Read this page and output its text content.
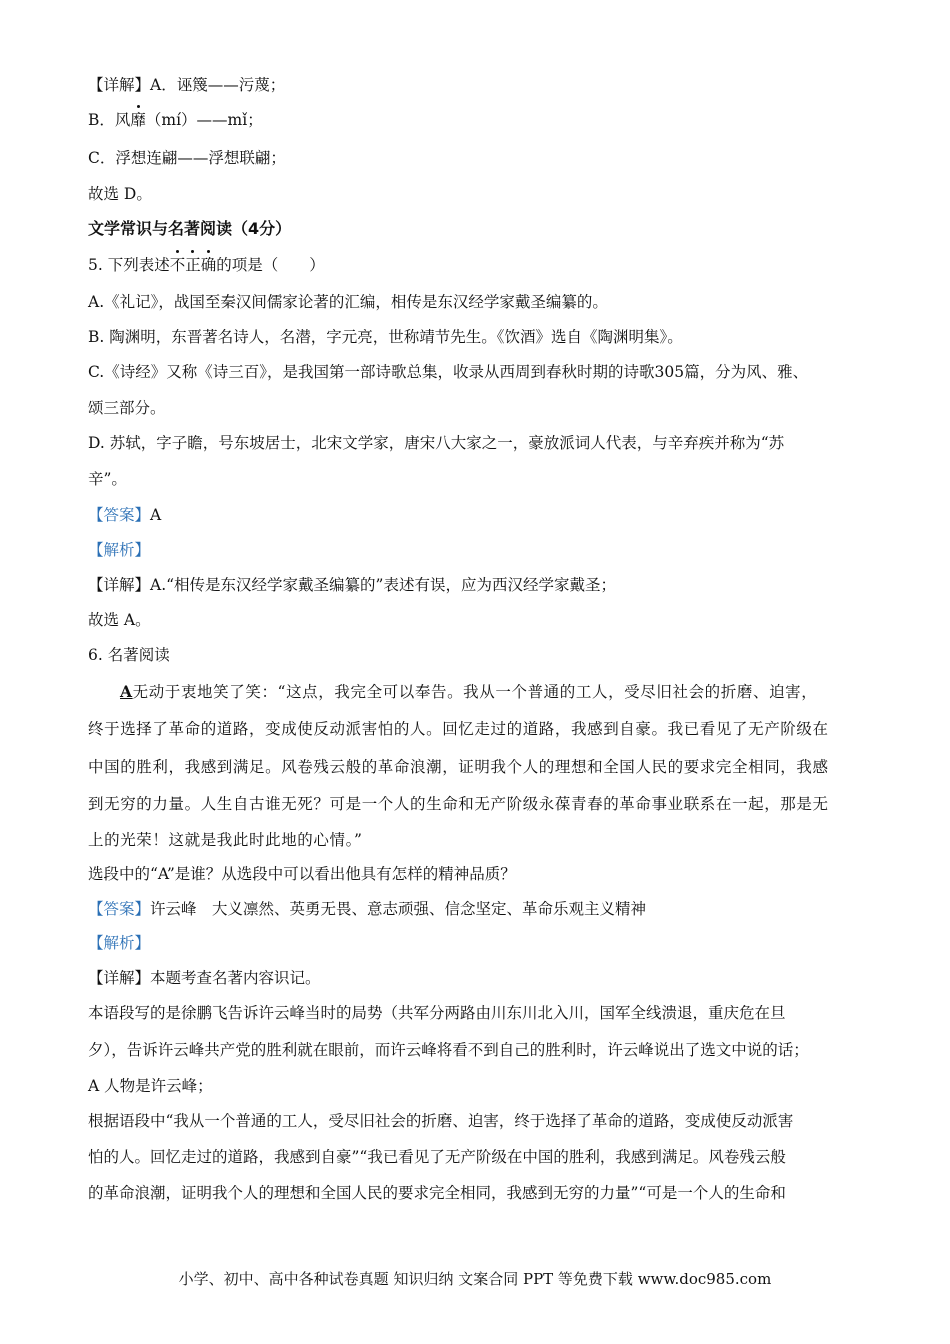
【详解】A．诬篾——污蔑；
B．风靡（mí）——mǐ；
C．浮想连翩——浮想联翩；
故选 D。
文学常识与名著阅读（4分）
5. 下列表述不正确的项是（　　）
A.《礼记》，战国至秦汉间儒家论著的汇编，相传是东汉经学家戴圣编纂的。
B. 陶渊明，东晋著名诗人，名潜，字元亮，世称靖节先生。《饮酒》选自《陶渊明集》。
C.《诗经》又称《诗三百》，是我国第一部诗歌总集，收录从西周到春秋时期的诗歌305篇，分为风、雅、
颂三部分。
D. 苏轼，字子瞻，号东坡居士，北宋文学家，唐宋八大家之一，豪放派词人代表，与辛弃疾并称为“苏
辛”。
【答案】A
【解析】
【详解】A.“相传是东汉经学家戴圣编纂的”表述有误，应为西汉经学家戴圣；
故选 A。
6. 名著阅读
A无动于衷地笑了笑：“这点，我完全可以奉告。我从一个普通的工人，受尽旧社会的折磨、迫害，
终于选择了革命的道路，变成使反动派害怕的人。回忆走过的道路，我感到自豪。我已看见了无产阶级在
中国的胜利，我感到满足。风卷残云般的革命浪潮，证明我个人的理想和全国人民的要求完全相同，我感
到无穷的力量。人生自古谁无死？可是一个人的生命和无产阶级永葆青春的革命事业联系在一起，那是无
上的光荣！这就是我此时此地的心情。”
选段中的“A”是谁？从选段中可以看出他具有怎样的精神品质？
【答案】许云峰　大义凛然、英勇无畏、意志顽强、信念坚定、革命乐观主义精神
【解析】
【详解】本题考查名著内容识记。
本语段写的是徐鹏飞告诉许云峰当时的局势（共军分两路由川东川北入川，国军全线溃退，重庆危在旦
夕），告诉许云峰共产党的胜利就在眼前，而许云峰将看不到自己的胜利时，许云峰说出了选文中说的话；
A 人物是许云峰；
根据语段中“我从一个普通的工人，受尽旧社会的折磨、迫害，终于选择了革命的道路，变成使反动派害
怕的人。回忆走过的道路，我感到自豪”“我已看见了无产阶级在中国的胜利，我感到满足。风卷残云般
的革命浪潮，证明我个人的理想和全国人民的要求完全相同，我感到无穷的力量”“可是一个人的生命和
小学、初中、高中各种试卷真题 知识归纳 文案合同 PPT 等免费下载 www.doc985.com
